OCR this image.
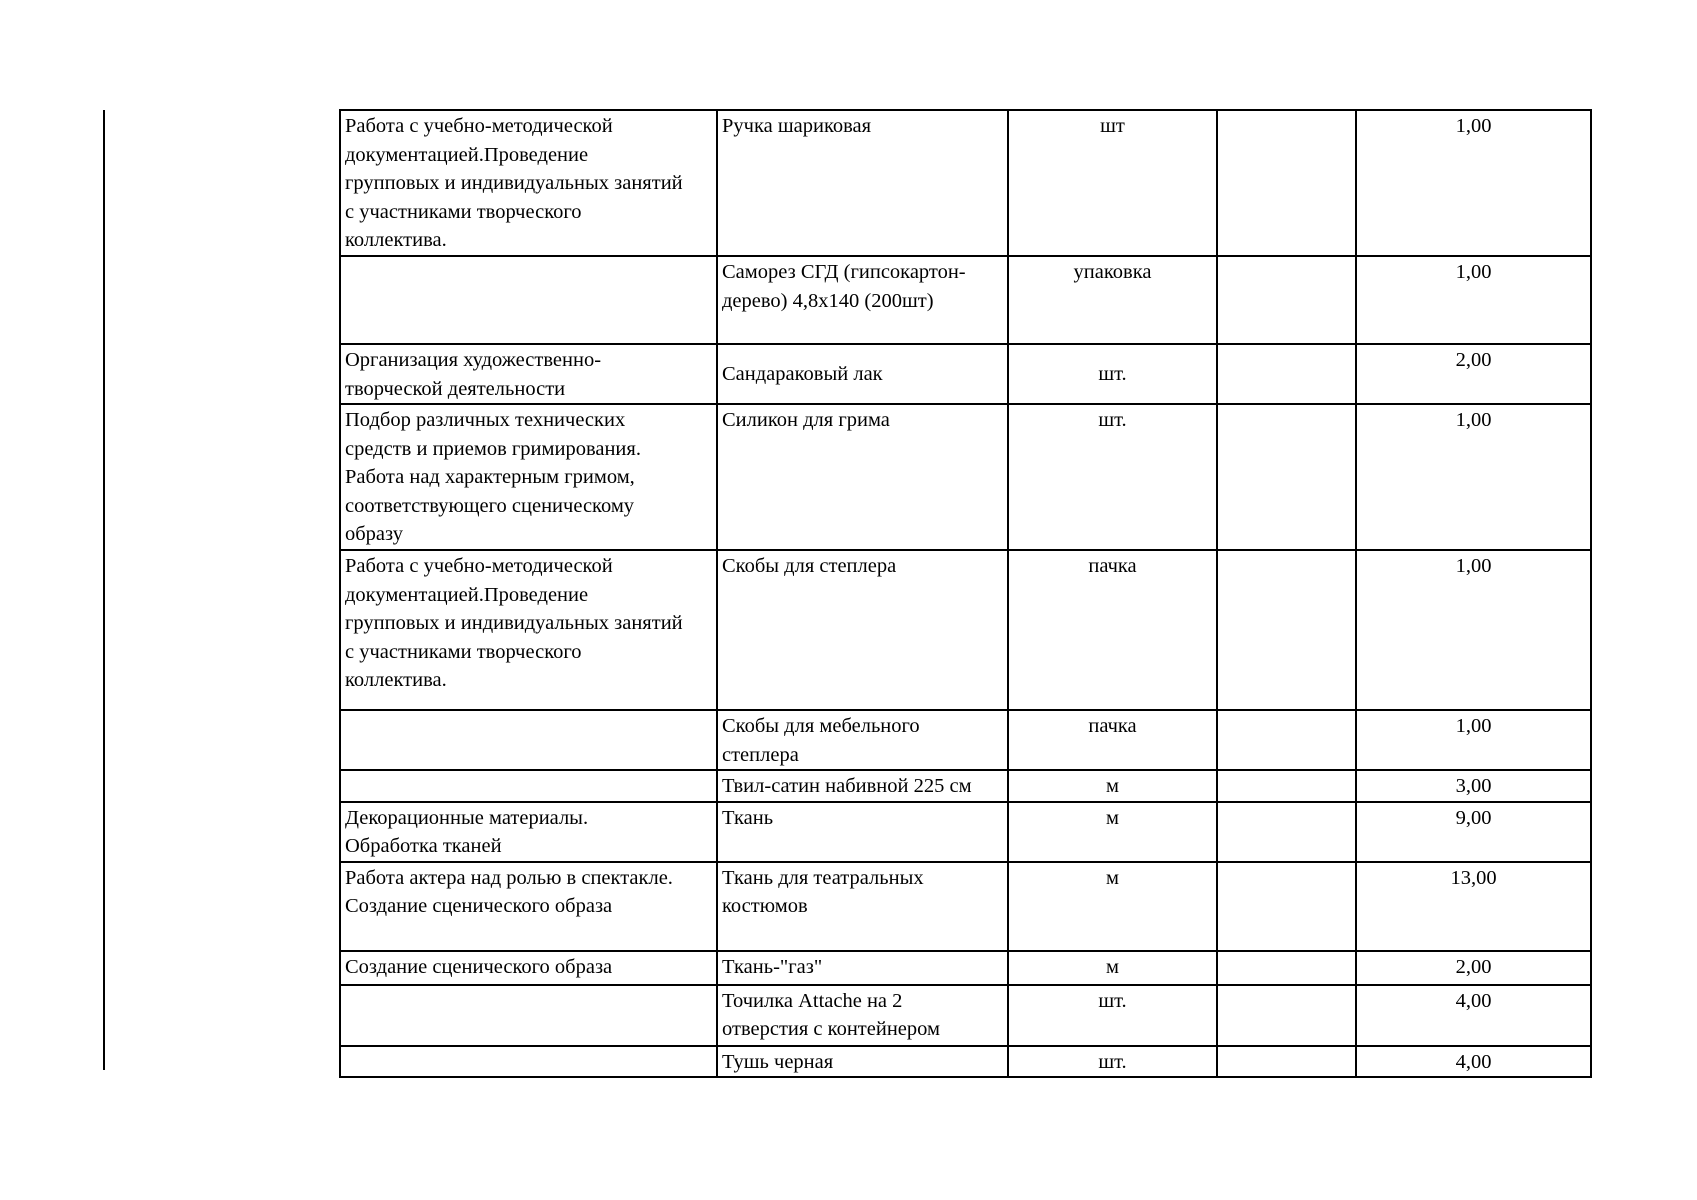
Работа с учебно-методической
документацией.Проведение
групповых и индивидуальных занятий
с участниками творческого
коллектива.	Ручка шариковая	шт		1,00
	Саморез СГД (гипсокартон-
дерево) 4,8х140 (200шт)	упаковка		1,00
Организация художественно-
творческой деятельности	Сандараковый лак	шт.		2,00
Подбор различных технических
средств и приемов гримирования.
Работа над характерным гримом,
соответствующего сценическому
образу	Силикон для грима	шт.		1,00
Работа с учебно-методической
документацией.Проведение
групповых и индивидуальных занятий
с участниками творческого
коллектива.	Скобы для степлера	пачка		1,00
	Скобы для мебельного
степлера	пачка		1,00
	Твил-сатин набивной 225 см	м		3,00
Декорационные материалы.
Обработка тканей	Ткань	м		9,00
Работа актера над ролью в спектакле.
Создание сценического образа	Ткань для театральных
костюмов	м		13,00
Создание сценического образа	Ткань-"газ"	м		2,00
	Точилка Attache на 2
отверстия с контейнером	шт.		4,00
	Тушь черная	шт.		4,00
